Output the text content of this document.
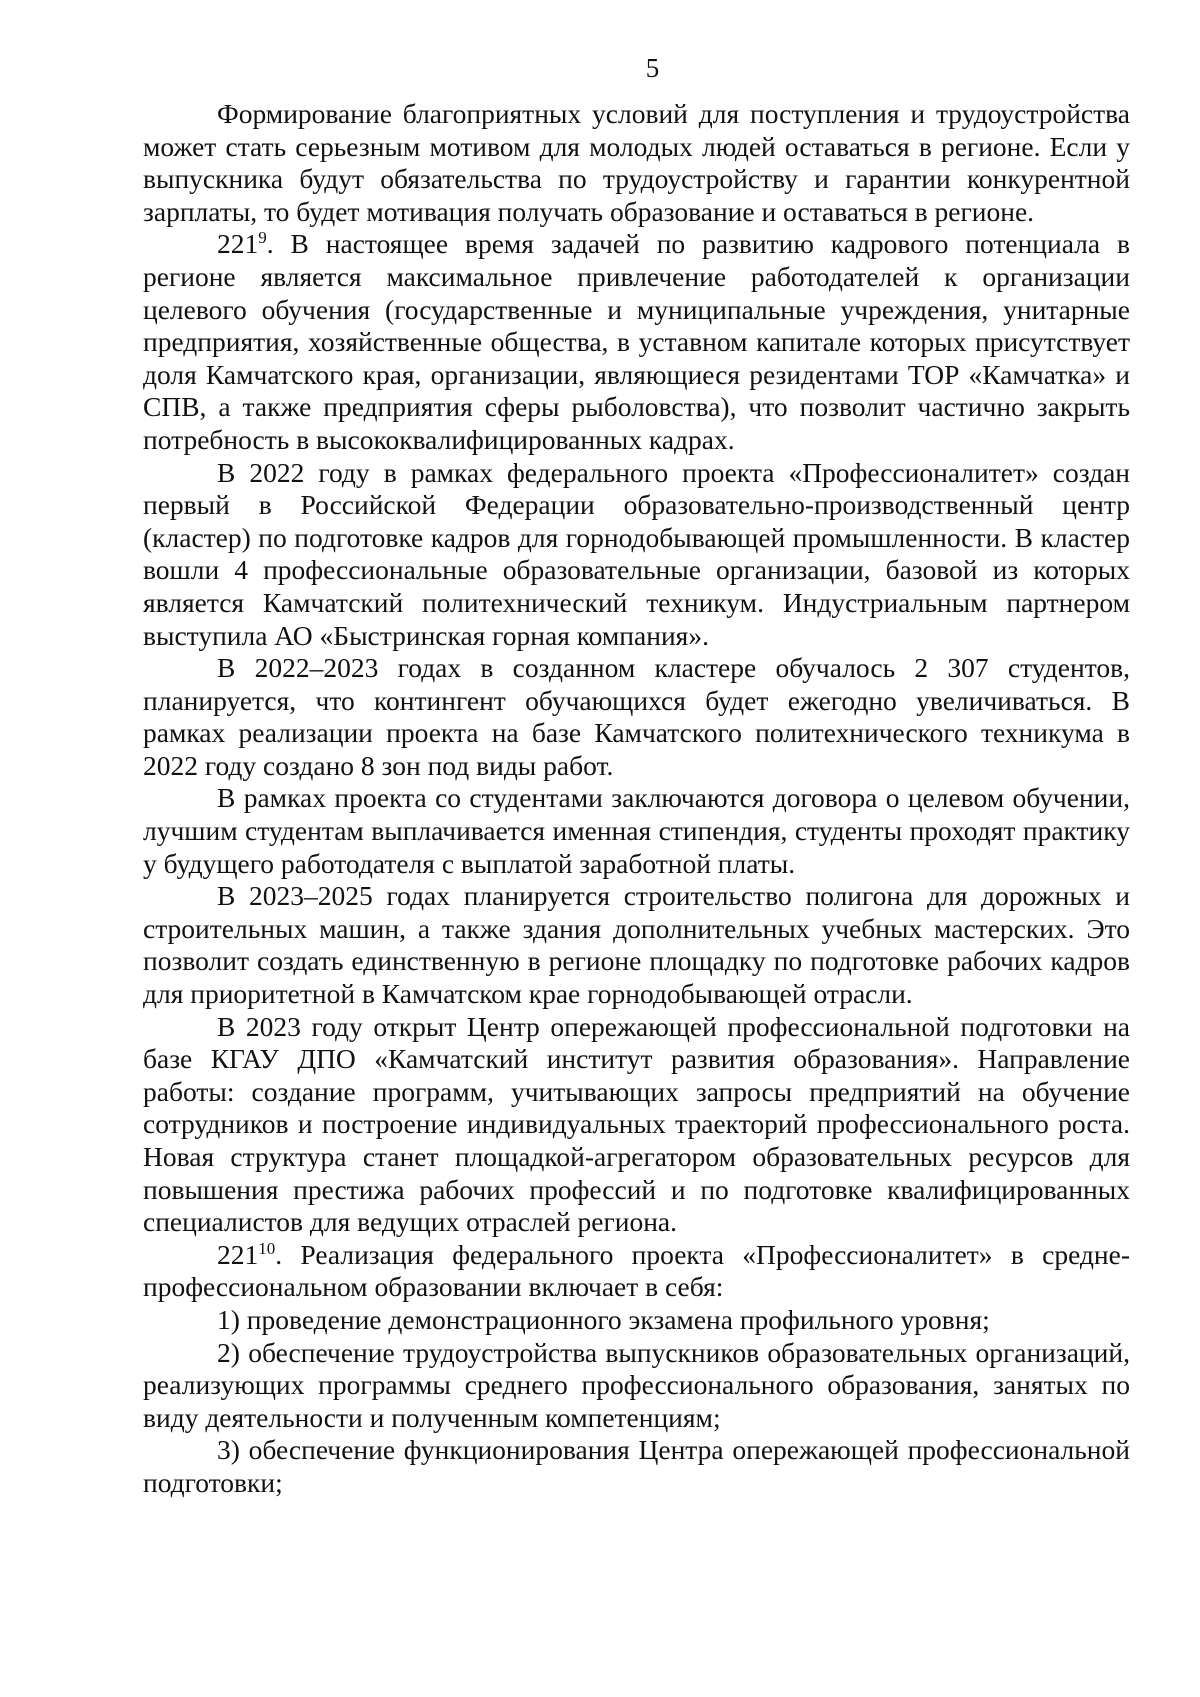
5

Формирование благоприятных условий для поступления и трудоустройства может стать серьезным мотивом для молодых людей оставаться в регионе. Если у выпускника будут обязательства по трудоустройству и гарантии конкурентной зарплаты, то будет мотивация получать образование и оставаться в регионе.

$221^9$. В настоящее время задачей по развитию кадрового потенциала в регионе является максимальное привлечение работодателей к организации целевого обучения (государственные и муниципальные учреждения, унитарные предприятия, хозяйственные общества, в уставном капитале которых присутствует доля Камчатского края, организации, являющиеся резидентами ТОР «Камчатка» и СПВ, а также предприятия сферы рыболовства), что позволит частично закрыть потребность в высококвалифицированных кадрах.

В 2022 году в рамках федерального проекта «Профессионалитет» создан первый в Российской Федерации образовательно-производственный центр (кластер) по подготовке кадров для горнодобывающей промышленности. В кластер вошли 4 профессиональные образовательные организации, базовой из которых является Камчатский политехнический техникум. Индустриальным партнером выступила АО «Быстринская горная компания».

В 2022–2023 годах в созданном кластере обучалось 2 307 студентов, планируется, что контингент обучающихся будет ежегодно увеличиваться. В рамках реализации проекта на базе Камчатского политехнического техникума в 2022 году создано 8 зон под виды работ.

В рамках проекта со студентами заключаются договора о целевом обучении, лучшим студентам выплачивается именная стипендия, студенты проходят практику у будущего работодателя с выплатой заработной платы.

В 2023–2025 годах планируется строительство полигона для дорожных и строительных машин, а также здания дополнительных учебных мастерских. Это позволит создать единственную в регионе площадку по подготовке рабочих кадров для приоритетной в Камчатском крае горнодобывающей отрасли.

В 2023 году открыт Центр опережающей профессиональной подготовки на базе КГАУ ДПО «Камчатский институт развития образования». Направление работы: создание программ, учитывающих запросы предприятий на обучение сотрудников и построение индивидуальных траекторий профессионального роста. Новая структура станет площадкой-агрегатором образовательных ресурсов для повышения престижа рабочих профессий и по подготовке квалифицированных специалистов для ведущих отраслей региона.

$221^{10}$. Реализация федерального проекта «Профессионалитет» в средне-профессиональном образовании включает в себя:

1) проведение демонстрационного экзамена профильного уровня;

2) обеспечение трудоустройства выпускников образовательных организаций, реализующих программы среднего профессионального образования, занятых по виду деятельности и полученным компетенциям;

3) обеспечение функционирования Центра опережающей профессиональной подготовки;
